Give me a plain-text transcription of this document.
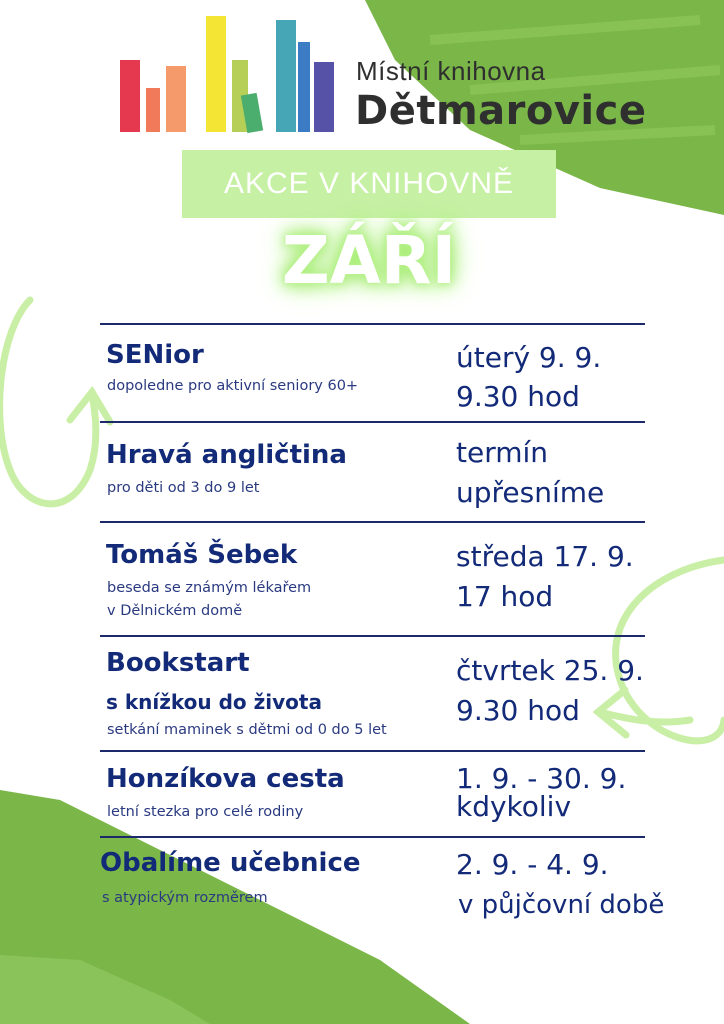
Místní knihovna
Dětmarovice
AKCE V KNIHOVNĚ
ZÁŘÍ
SENior
dopoledne pro aktivní seniory 60+
úterý 9. 9.
9.30 hod
Hravá angličtina
pro děti od 3 do 9 let
termín
upřesníme
Tomáš Šebek
beseda se známým lékařem
v Dělnickém domě
středa 17. 9.
17 hod
Bookstart
s knížkou do života
setkání maminek s dětmi od 0 do 5 let
čtvrtek 25. 9.
9.30 hod
Honzíkova cesta
letní stezka pro celé rodiny
1. 9. - 30. 9.
kdykoliv
Obalíme učebnice
s atypickým rozměrem
2. 9. - 4. 9.
v půjčovní době
